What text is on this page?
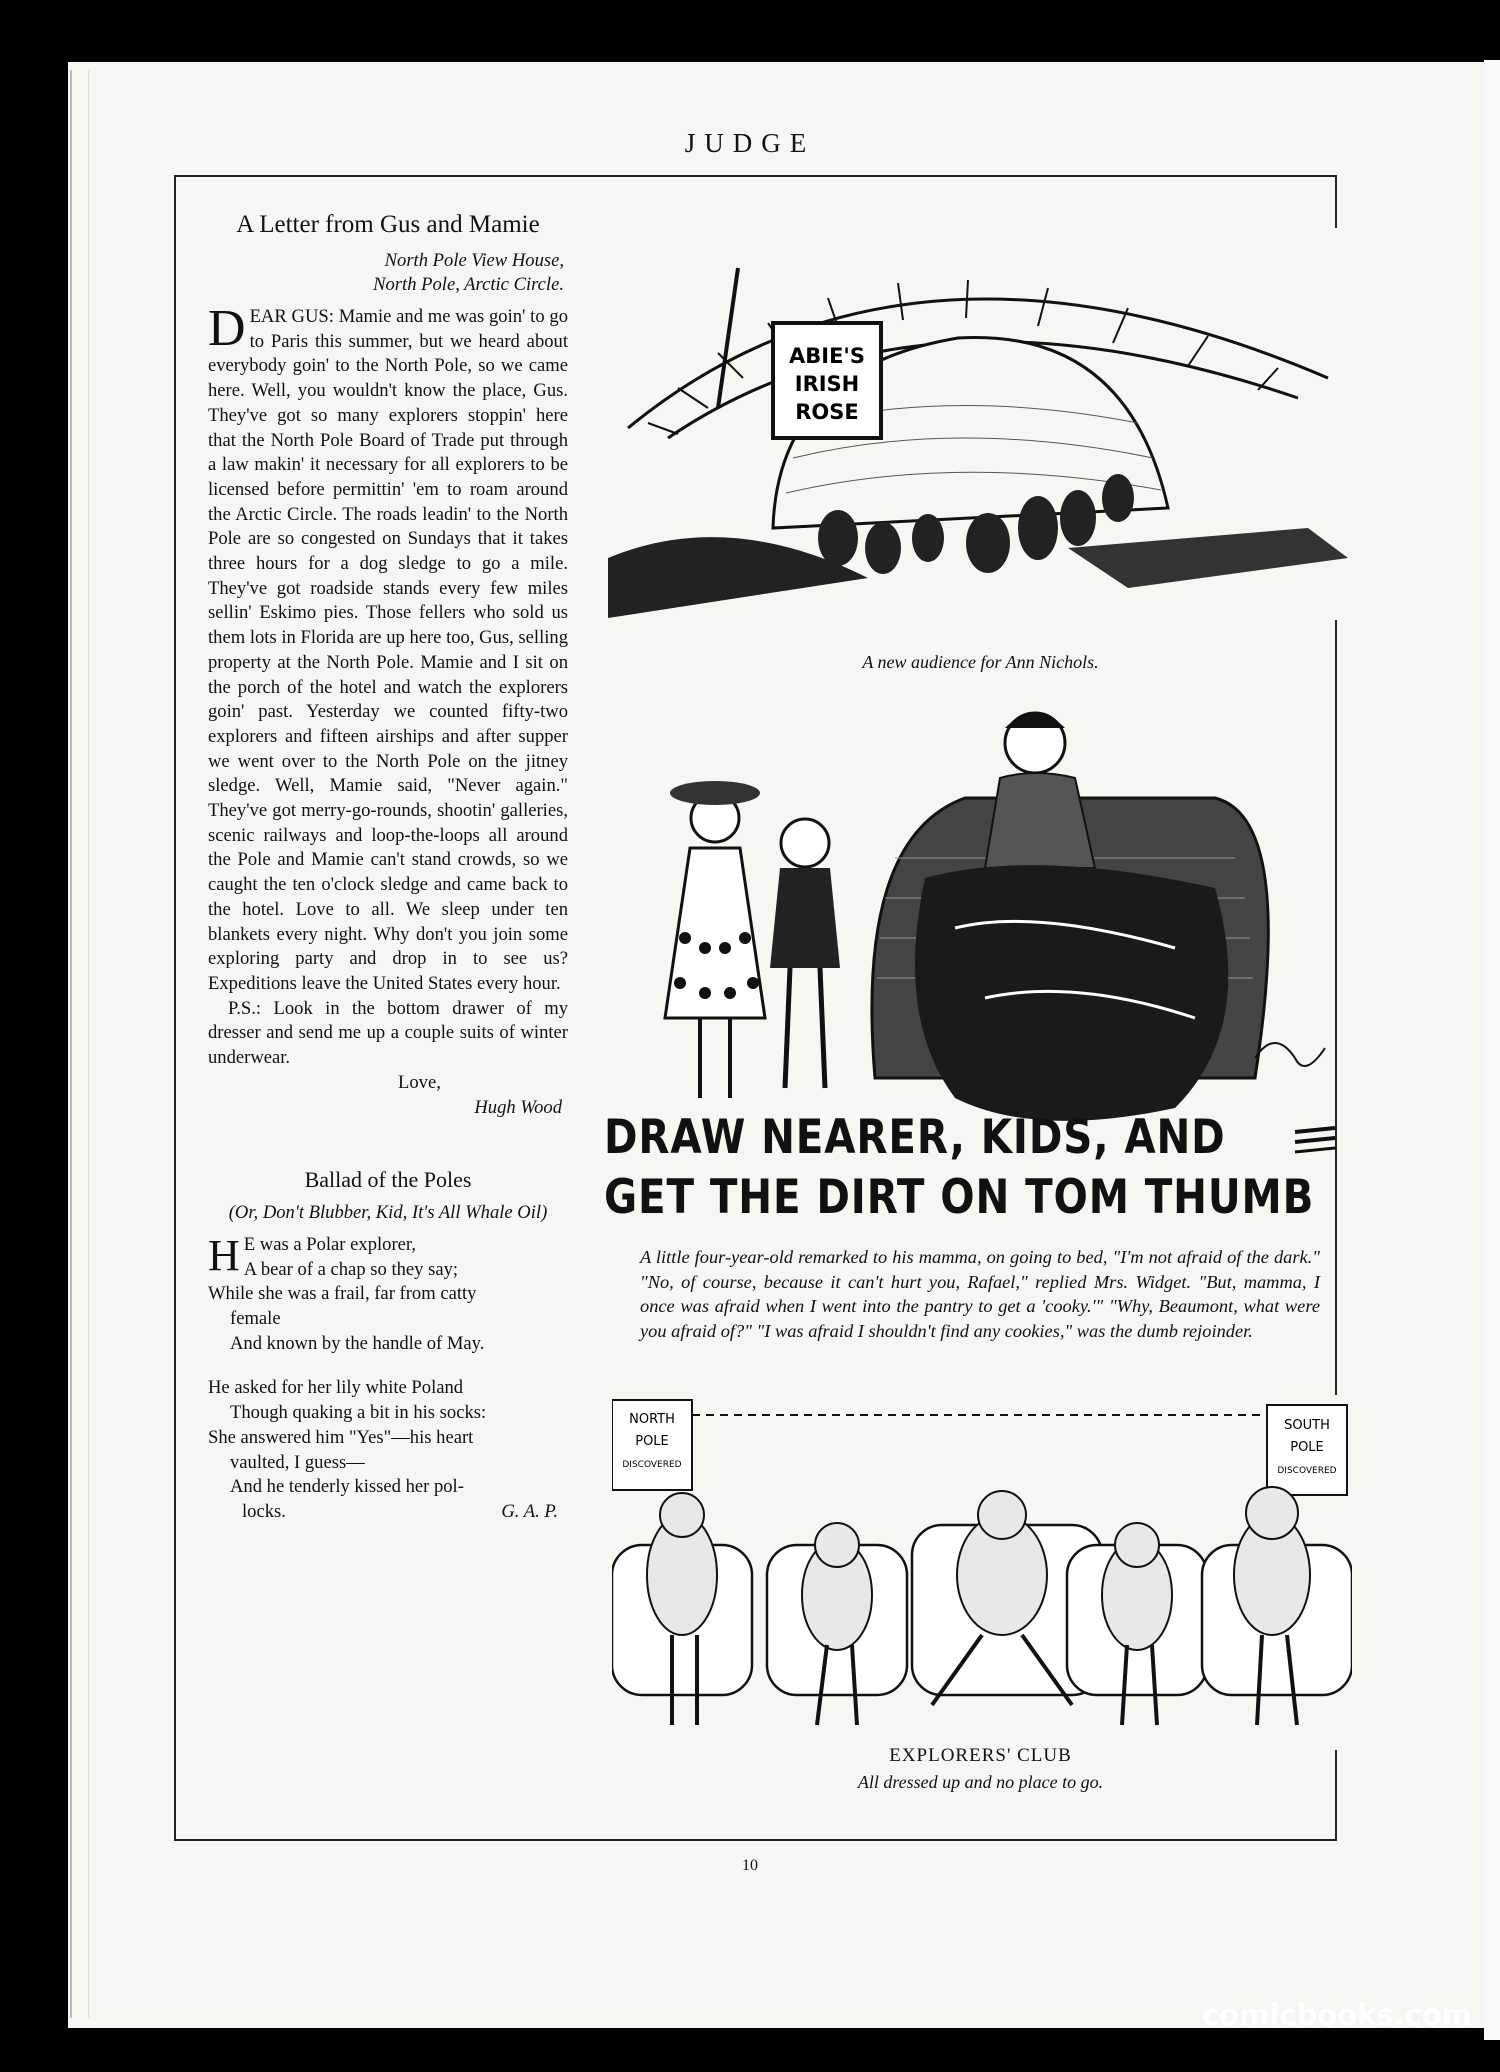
JUDGE
A Letter from Gus and Mamie
North Pole View House,
North Pole, Arctic Circle.

DEAR GUS: Mamie and me was goin' to go to Paris this summer, but we heard about everybody goin' to the North Pole, so we came here. Well, you wouldn't know the place, Gus. They've got so many explorers stoppin' here that the North Pole Board of Trade put through a law makin' it necessary for all explorers to be licensed before permittin' 'em to roam around the Arctic Circle. The roads leadin' to the North Pole are so congested on Sundays that it takes three hours for a dog sledge to go a mile. They've got roadside stands every few miles sellin' Eskimo pies. Those fellers who sold us them lots in Florida are up here too, Gus, selling property at the North Pole. Mamie and I sit on the porch of the hotel and watch the explorers goin' past. Yesterday we counted fifty-two explorers and fifteen airships and after supper we went over to the North Pole on the jitney sledge. Well, Mamie said, "Never again." They've got merry-go-rounds, shootin' galleries, scenic railways and loop-the-loops all around the Pole and Mamie can't stand crowds, so we caught the ten o'clock sledge and came back to the hotel. Love to all. We sleep under ten blankets every night. Why don't you join some exploring party and drop in to see us? Expeditions leave the United States every hour.

P.S.: Look in the bottom drawer of my dresser and send me up a couple suits of winter underwear.

Love,
Hugh Wood
Ballad of the Poles
(Or, Don't Blubber, Kid, It's All Whale Oil)
H E was a Polar explorer,
A bear of a chap so they say;
While she was a frail, far from catty
female
And known by the handle of May.
He asked for her lily white Poland
Though quaking a bit in his socks:
She answered him "Yes"—his heart
vaulted, I guess—
And he tenderly kissed her pol-
locks.	G. A. P.
ABIE'S
IRISH
ROSE
A new audience for Ann Nichols.
DRAW NEARER, KIDS, AND
GET THE DIRT ON TOM THUMB
A little four-year-old remarked to his mamma, on going to bed, "I'm not afraid of the dark." "No, of course, because it can't hurt you, Rafael," replied Mrs. Widget. "But, mamma, I once was afraid when I went into the pantry to get a 'cooky.'" "Why, Beaumont, what were you afraid of?" "I was afraid I shouldn't find any cookies," was the dumb rejoinder.
NORTH
POLE
DISCOVERED
SOUTH
POLE
DISCOVERED
EXPLORERS' CLUB
All dressed up and no place to go.
10
comicbooks.com
